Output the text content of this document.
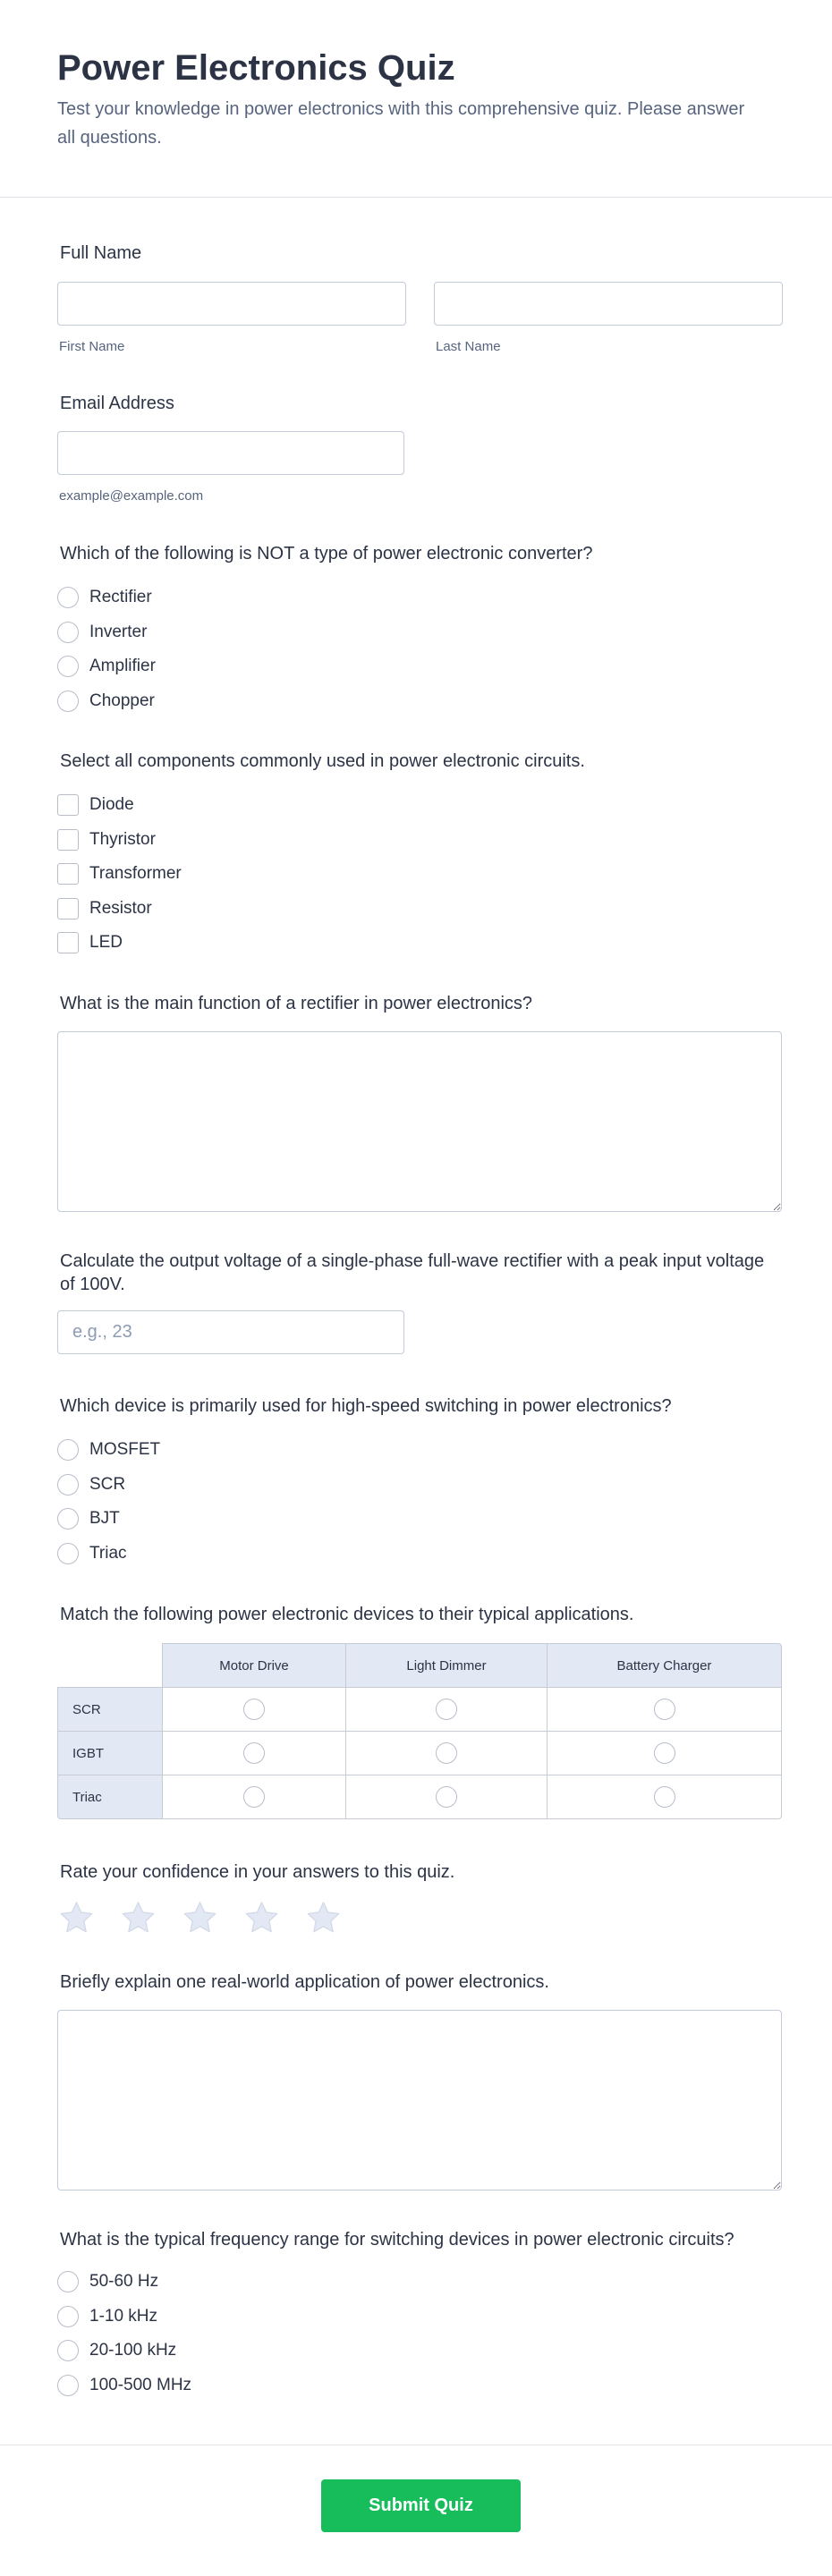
Power Electronics Quiz

Test your knowledge in power electronics with this comprehensive quiz. Please answer all questions.

Full Name
First Name	Last Name
Email Address
example@example.com
Which of the following is NOT a type of power electronic converter?
Rectifier
Inverter
Amplifier
Chopper
Select all components commonly used in power electronic circuits.
Diode
Thyristor
Transformer
Resistor
LED
What is the main function of a rectifier in power electronics?
Calculate the output voltage of a single-phase full-wave rectifier with a peak input voltage of 100V.
e.g., 23
Which device is primarily used for high-speed switching in power electronics?
MOSFET
SCR
BJT
Triac
Match the following power electronic devices to their typical applications.
	Motor Drive	Light Dimmer	Battery Charger
SCR			
IGBT			
Triac			
Rate your confidence in your answers to this quiz.
Briefly explain one real-world application of power electronics.
What is the typical frequency range for switching devices in power electronic circuits?
50-60 Hz
1-10 kHz
20-100 kHz
100-500 MHz
Submit Quiz
